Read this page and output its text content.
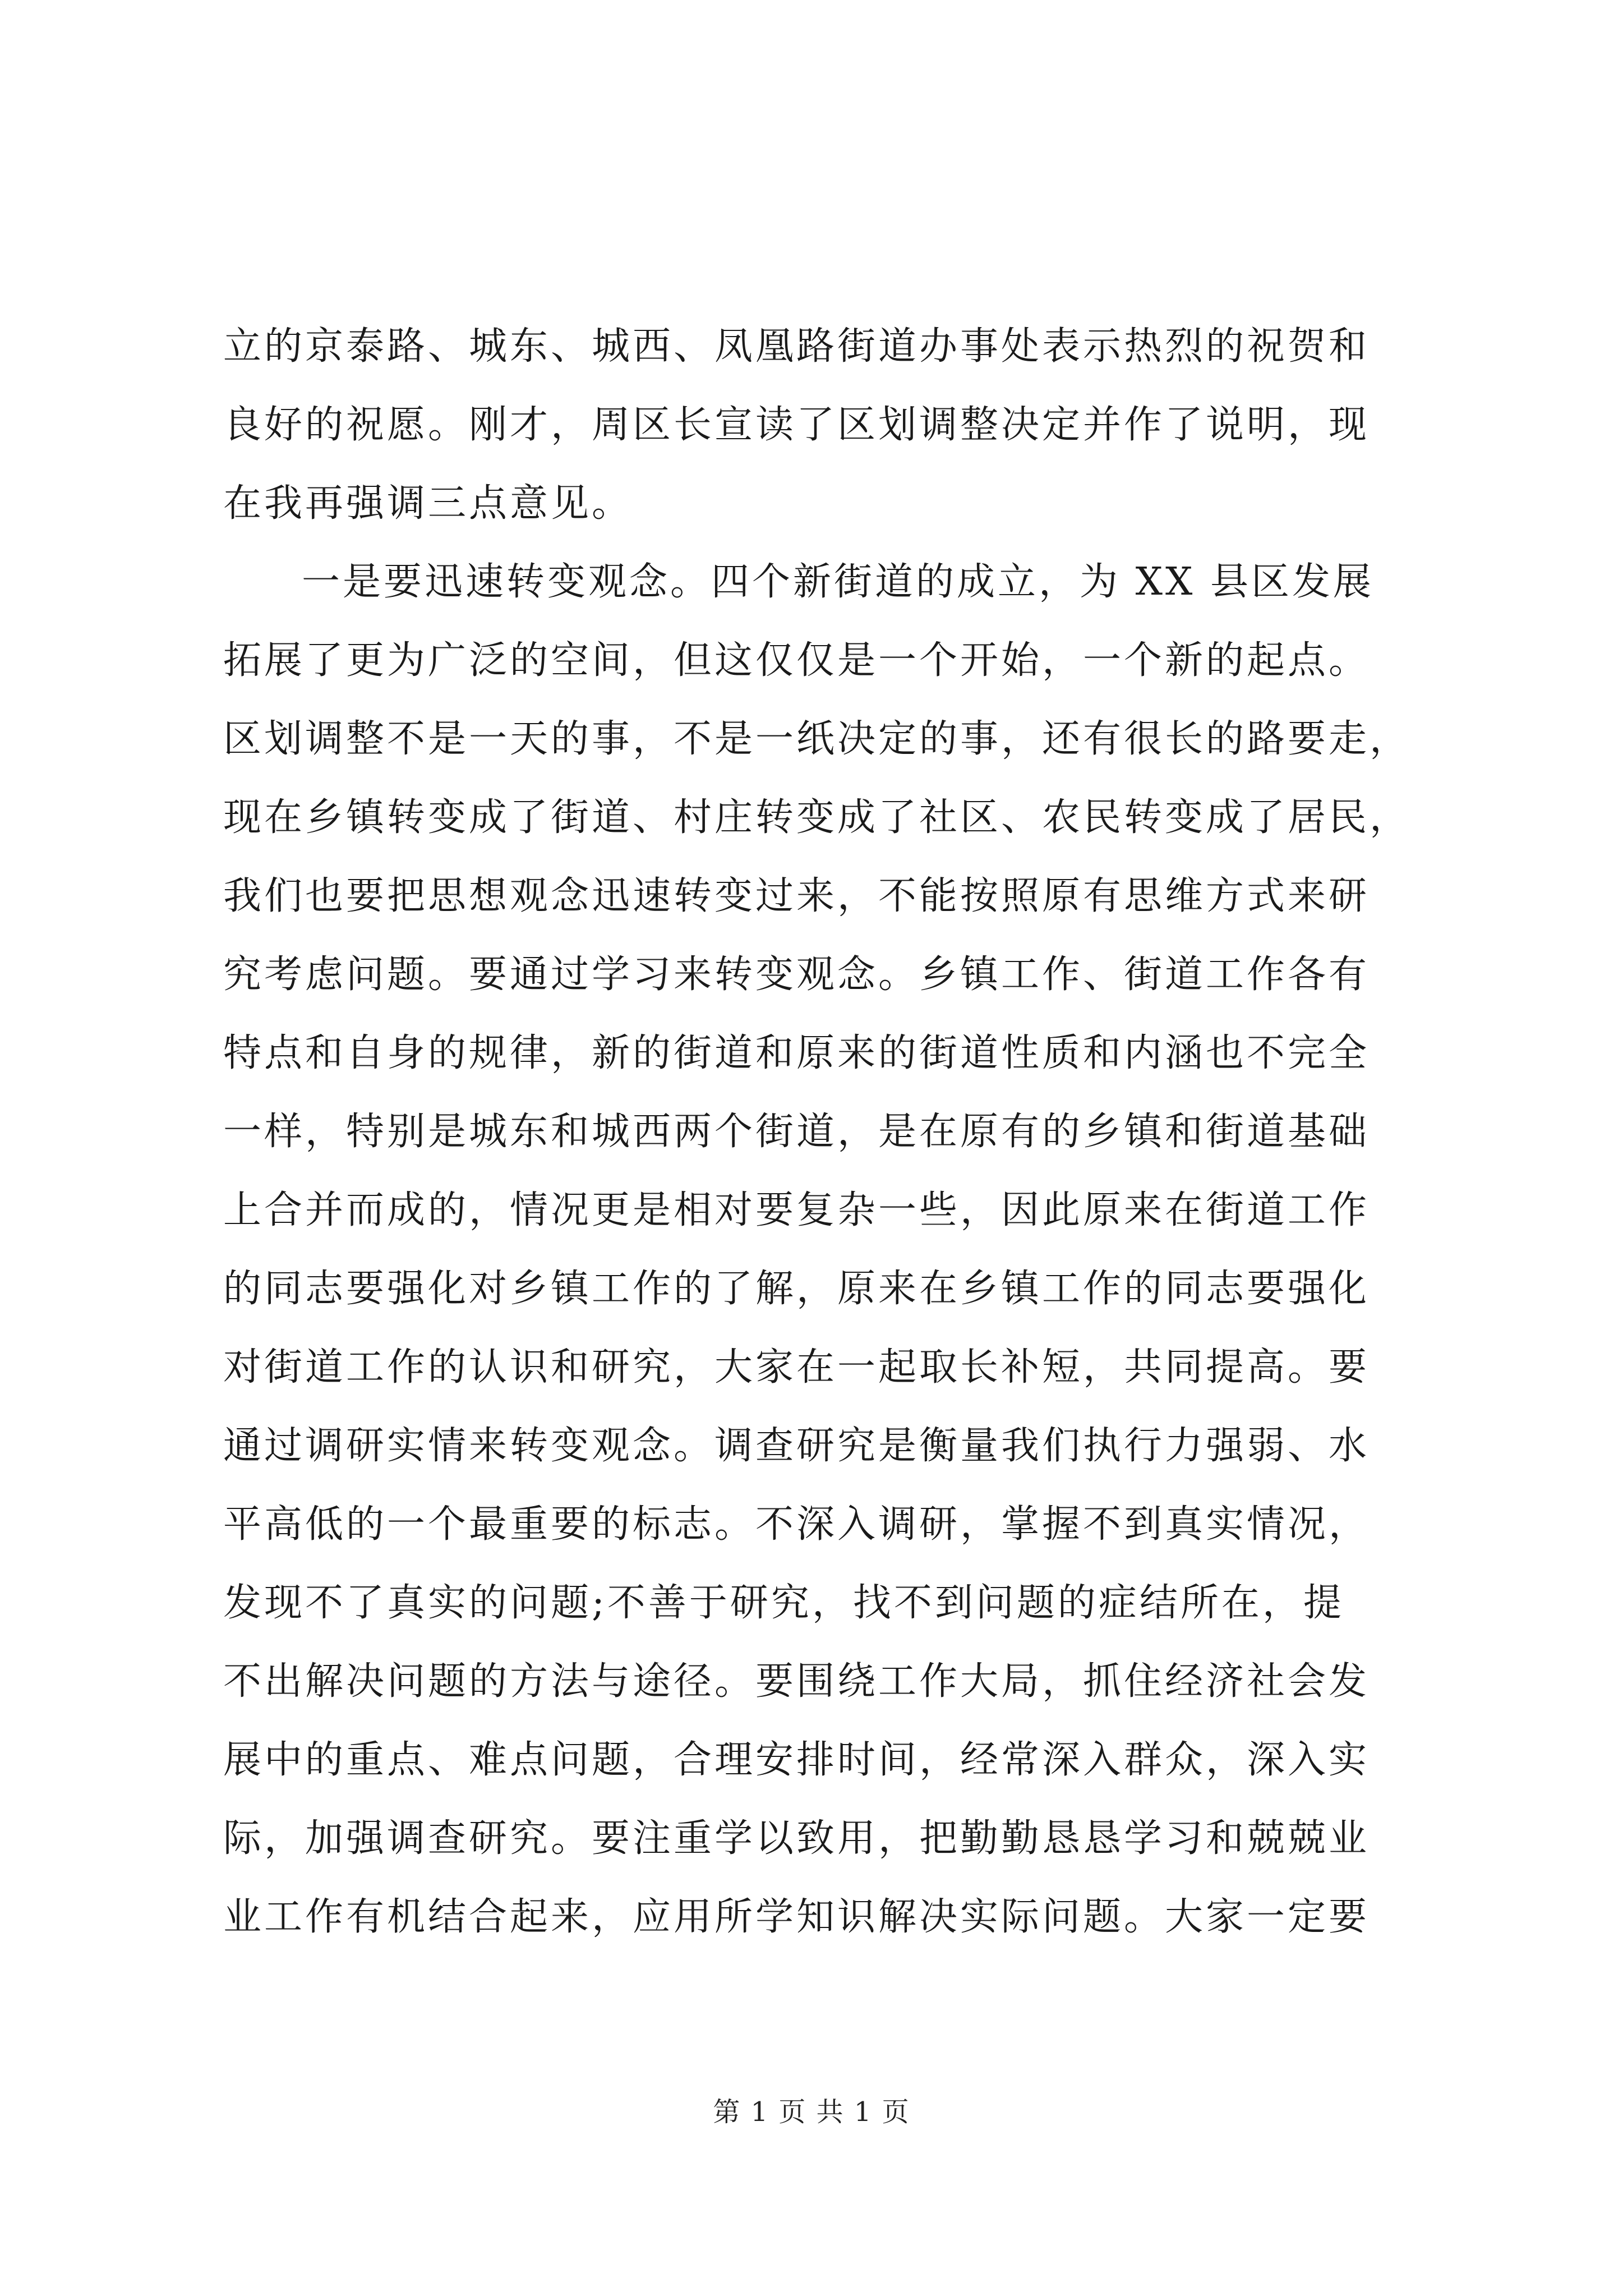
立的京泰路、城东、城西、凤凰路街道办事处表示热烈的祝贺和
良好的祝愿。刚才，周区长宣读了区划调整决定并作了说明，现
在我再强调三点意见。
一是要迅速转变观念。四个新街道的成立，为 XX 县区发展
拓展了更为广泛的空间，但这仅仅是一个开始，一个新的起点。
区划调整不是一天的事，不是一纸决定的事，还有很长的路要走，
现在乡镇转变成了街道、村庄转变成了社区、农民转变成了居民，
我们也要把思想观念迅速转变过来，不能按照原有思维方式来研
究考虑问题。要通过学习来转变观念。乡镇工作、街道工作各有
特点和自身的规律，新的街道和原来的街道性质和内涵也不完全
一样，特别是城东和城西两个街道，是在原有的乡镇和街道基础
上合并而成的，情况更是相对要复杂一些，因此原来在街道工作
的同志要强化对乡镇工作的了解，原来在乡镇工作的同志要强化
对街道工作的认识和研究，大家在一起取长补短，共同提高。要
通过调研实情来转变观念。调查研究是衡量我们执行力强弱、水
平高低的一个最重要的标志。不深入调研，掌握不到真实情况，
发现不了真实的问题;不善于研究，找不到问题的症结所在，提
不出解决问题的方法与途径。要围绕工作大局，抓住经济社会发
展中的重点、难点问题，合理安排时间，经常深入群众，深入实
际，加强调查研究。要注重学以致用，把勤勤恳恳学习和兢兢业
业工作有机结合起来，应用所学知识解决实际问题。大家一定要
第 1 页 共 1 页
